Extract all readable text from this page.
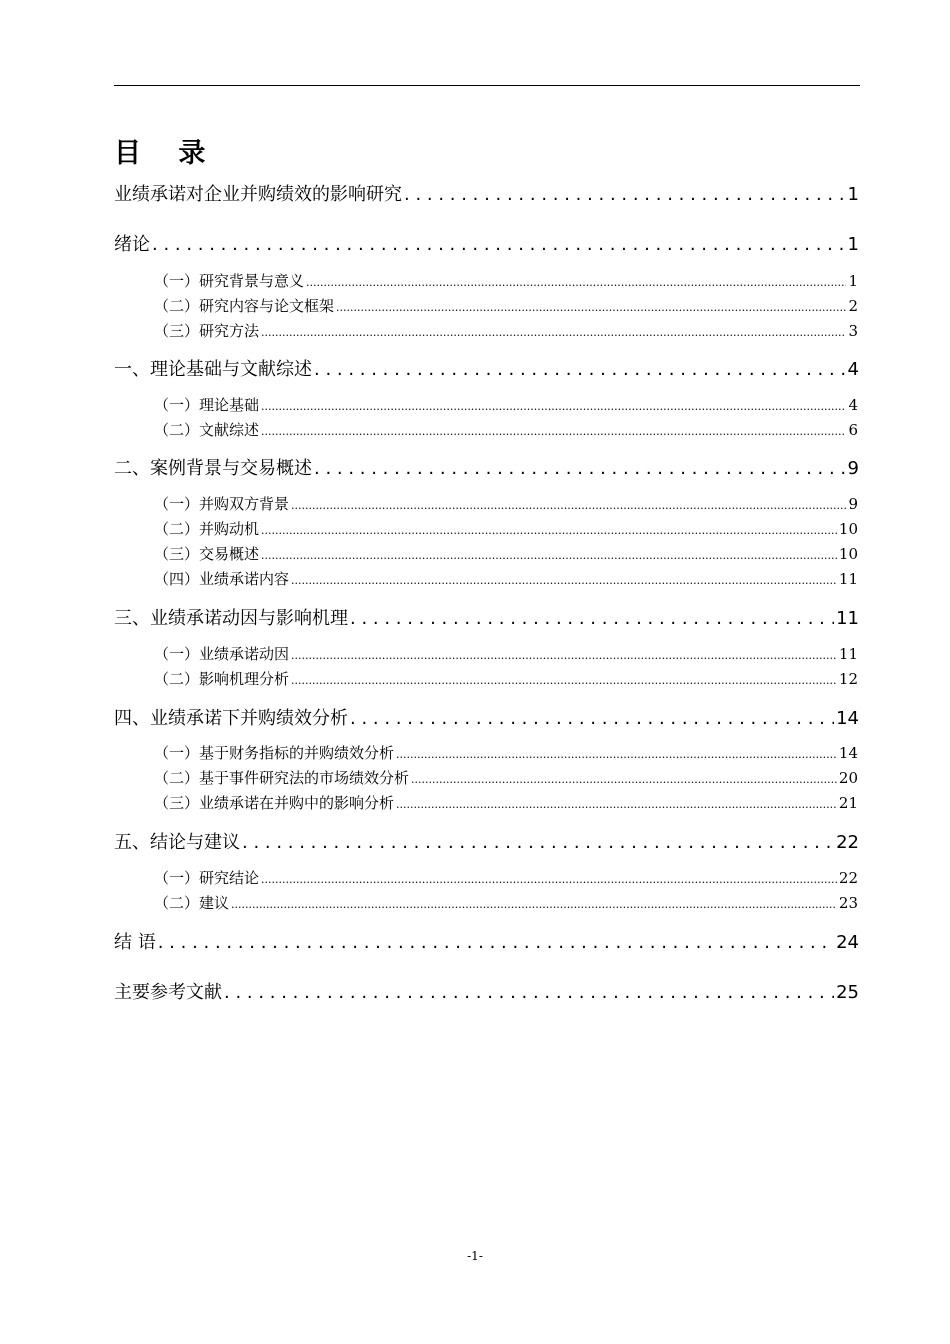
目 录
业绩承诺对企业并购绩效的影响研究 . . .	1
绪论 . . .	1
（一）研究背景与意义 .....	1
（二）研究内容与论文框架 .....	2
（三）研究方法 .....	3
一、理论基础与文献综述 . . .	4
（一）理论基础 .....	4
（二）文献综述 .....	6
二、案例背景与交易概述 . . .	9
（一）并购双方背景 .....	9
（二）并购动机 .....	10
（三）交易概述 .....	10
（四）业绩承诺内容 .....	11
三、业绩承诺动因与影响机理 . . .	11
（一）业绩承诺动因 .....	11
（二）影响机理分析 .....	12
四、业绩承诺下并购绩效分析 . . .	14
（一）基于财务指标的并购绩效分析 .....	14
（二）基于事件研究法的市场绩效分析 .....	20
（三）业绩承诺在并购中的影响分析 .....	21
五、结论与建议 . . .	22
（一）研究结论 .....	22
（二）建议 .....	23
结 语 . . .	24
主要参考文献 . . .	25
-1-
